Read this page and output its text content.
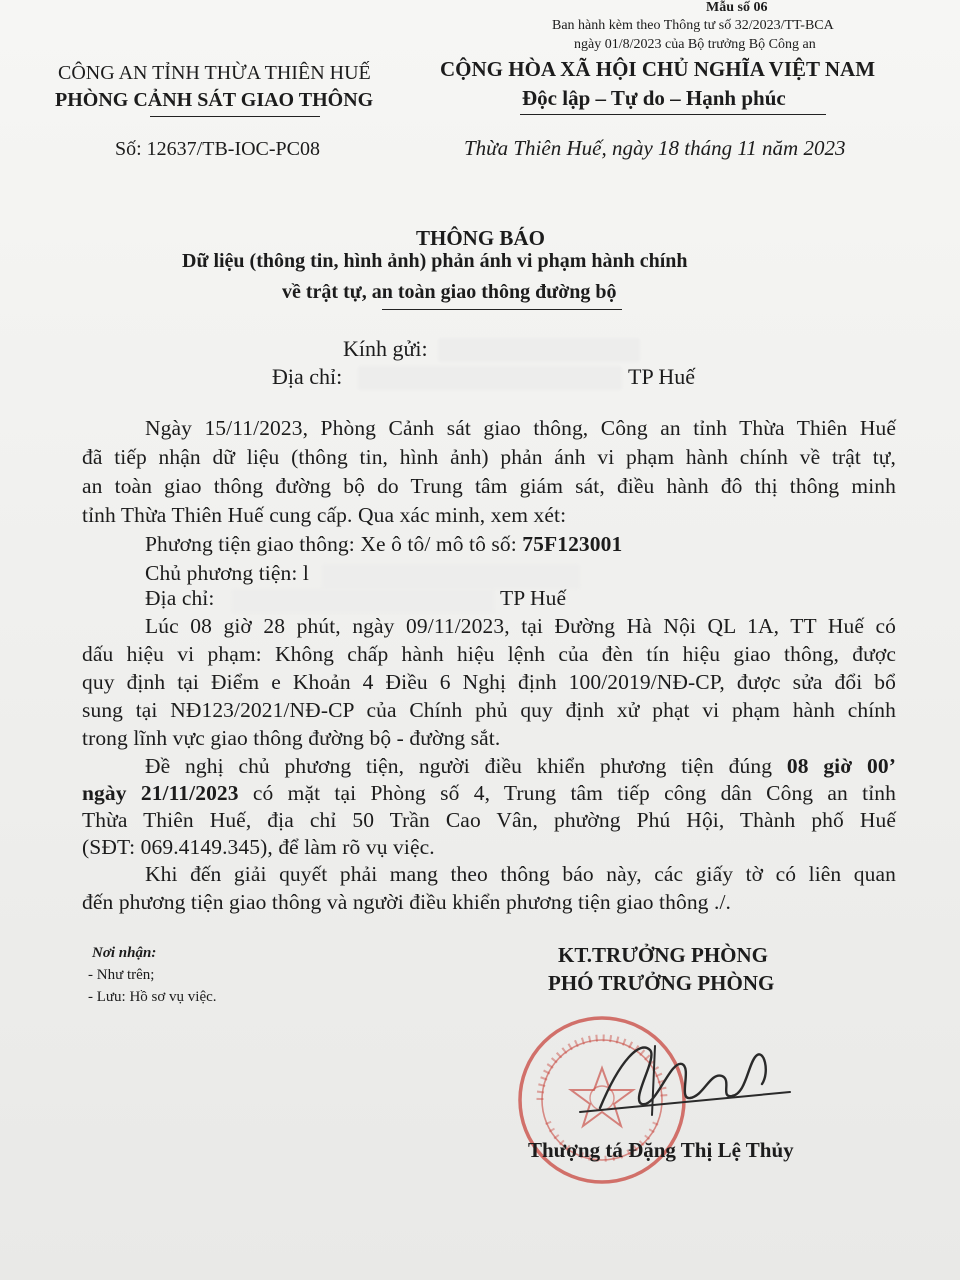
Mẫu số 06
Ban hành kèm theo Thông tư số 32/2023/TT-BCA
ngày 01/8/2023 của Bộ trưởng Bộ Công an
CÔNG AN TỈNH THỪA THIÊN HUẾ
PHÒNG CẢNH SÁT GIAO THÔNG
Số: 12637/TB-IOC-PC08
CỘNG HÒA XÃ HỘI CHỦ NGHĨA VIỆT NAM
Độc lập – Tự do – Hạnh phúc
Thừa Thiên Huế, ngày 18 tháng 11 năm 2023
THÔNG BÁO
Dữ liệu (thông tin, hình ảnh) phản ánh vi phạm hành chính
về trật tự, an toàn giao thông đường bộ
Kính gửi:
Địa chỉ:	TP Huế
Ngày 15/11/2023, Phòng Cảnh sát giao thông, Công an tỉnh Thừa Thiên Huế
đã tiếp nhận dữ liệu (thông tin, hình ảnh) phản ánh vi phạm hành chính về trật tự,
an toàn giao thông đường bộ do Trung tâm giám sát, điều hành đô thị thông minh
tỉnh Thừa Thiên Huế cung cấp. Qua xác minh, xem xét:
Phương tiện giao thông: Xe ô tô/ mô tô số: 75F123001
Chủ phương tiện: l
Địa chỉ:	TP Huế
Lúc 08 giờ 28 phút, ngày 09/11/2023, tại Đường Hà Nội QL 1A, TT Huế có
dấu hiệu vi phạm: Không chấp hành hiệu lệnh của đèn tín hiệu giao thông, được
quy định tại Điểm e Khoản 4 Điều 6 Nghị định 100/2019/NĐ-CP, được sửa đổi bổ
sung tại NĐ123/2021/NĐ-CP của Chính phủ quy định xử phạt vi phạm hành chính
trong lĩnh vực giao thông đường bộ - đường sắt.
Đề nghị chủ phương tiện, người điều khiển phương tiện đúng 08 giờ 00’
ngày 21/11/2023 có mặt tại Phòng số 4, Trung tâm tiếp công dân Công an tỉnh
Thừa Thiên Huế, địa chỉ 50 Trần Cao Vân, phường Phú Hội, Thành phố Huế
(SĐT: 069.4149.345), để làm rõ vụ việc.
Khi đến giải quyết phải mang theo thông báo này, các giấy tờ có liên quan
đến phương tiện giao thông và người điều khiển phương tiện giao thông ./.
Nơi nhận:
- Như trên;
- Lưu: Hồ sơ vụ việc.
KT.TRƯỞNG PHÒNG
PHÓ TRƯỞNG PHÒNG
Thượng tá Đặng Thị Lệ Thủy
